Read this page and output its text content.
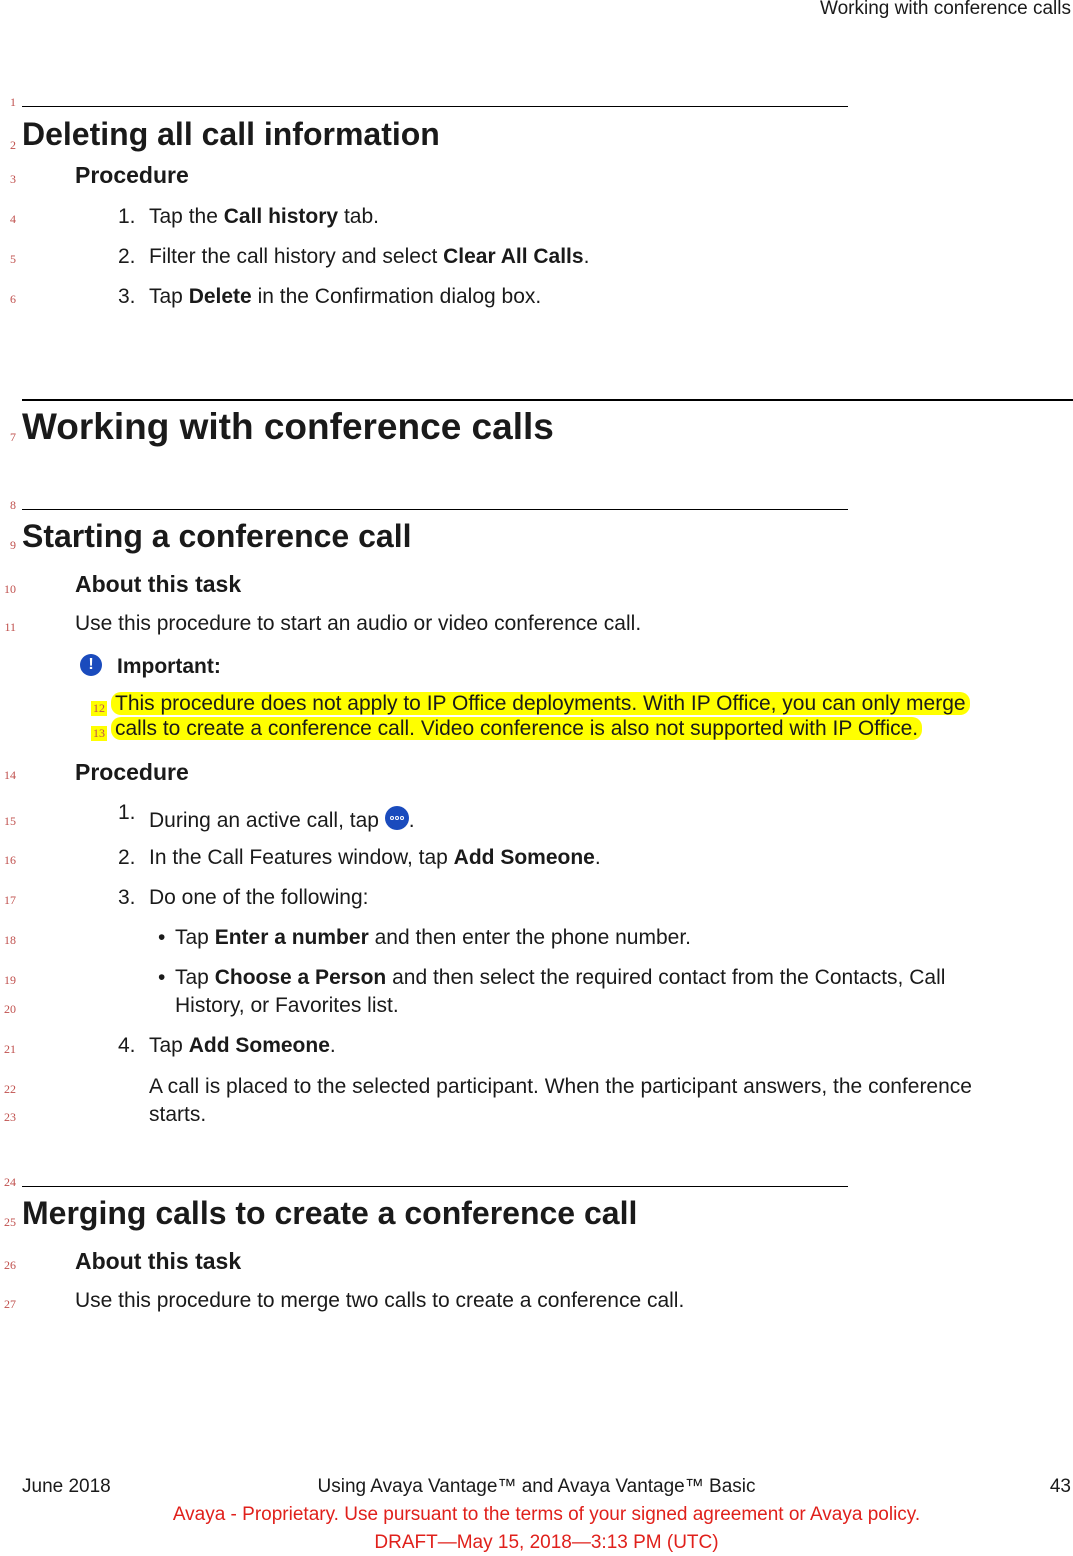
Working with conference calls
1
2 Deleting all call information
3	Procedure
4	1. Tap the Call history tab.
5	2. Filter the call history and select Clear All Calls.
6	3. Tap Delete in the Confirmation dialog box.
7 Working with conference calls
8
9 Starting a conference call
10	About this task
11	Use this procedure to start an audio or video conference call.
!	Important:
12 This procedure does not apply to IP Office deployments. With IP Office, you can only merge
13 calls to create a conference call. Video conference is also not supported with IP Office.
14	Procedure
15	1. During an active call, tap
.
16	2. In the Call Features window, tap Add Someone.
17	3. Do one of the following:
18	• Tap Enter a number and then enter the phone number.
19	• Tap Choose a Person and then select the required contact from the Contacts, Call
20	History, or Favorites list.
21	4. Tap Add Someone.
22	A call is placed to the selected participant. When the participant answers, the conference
23	starts.
24
25 Merging calls to create a conference call
26	About this task
27	Use this procedure to merge two calls to create a conference call.
June 2018	Using Avaya Vantage™ and Avaya Vantage™ Basic	43
Avaya - Proprietary. Use pursuant to the terms of your signed agreement or Avaya policy.
DRAFT—May 15, 2018—3:13 PM (UTC)
